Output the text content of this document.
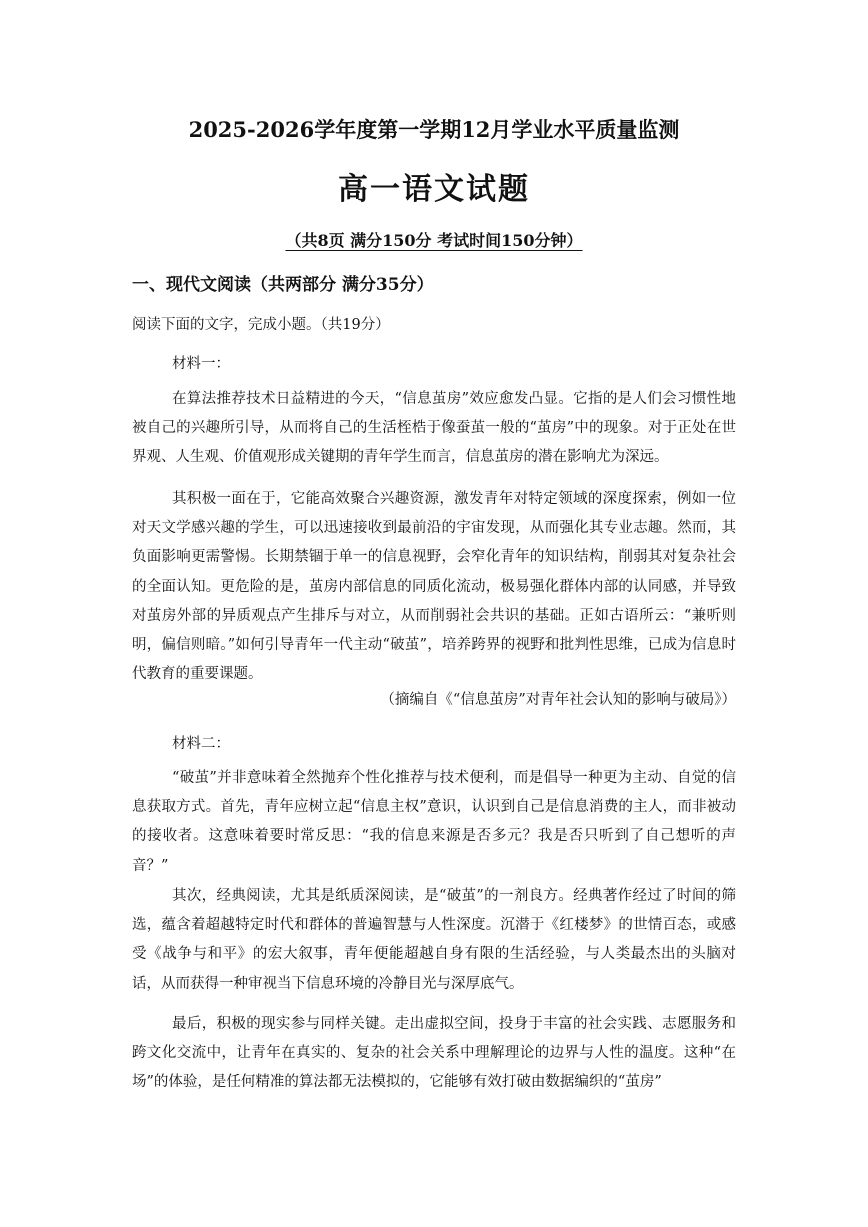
2025-2026学年度第一学期12月学业水平质量监测
高一语文试题
（共8页 满分150分 考试时间150分钟）
一、现代文阅读（共两部分 满分35分）
阅读下面的文字，完成小题。（共19分）
材料一：

在算法推荐技术日益精进的今天，“信息茧房”效应愈发凸显。它指的是人们会习惯性地被自己的兴趣所引导，从而将自己的生活桎梏于像蚕茧一般的“茧房”中的现象。对于正处在世界观、人生观、价值观形成关键期的青年学生而言，信息茧房的潜在影响尤为深远。

其积极一面在于，它能高效聚合兴趣资源，激发青年对特定领域的深度探索，例如一位对天文学感兴趣的学生，可以迅速接收到最前沿的宇宙发现，从而强化其专业志趣。然而，其负面影响更需警惕。长期禁锢于单一的信息视野，会窄化青年的知识结构，削弱其对复杂社会的全面认知。更危险的是，茧房内部信息的同质化流动，极易强化群体内部的认同感，并导致对茧房外部的异质观点产生排斥与对立，从而削弱社会共识的基础。正如古语所云：“兼听则明，偏信则暗。”如何引导青年一代主动“破茧”，培养跨界的视野和批判性思维，已成为信息时代教育的重要课题。

（摘编自《“信息茧房”对青年社会认知的影响与破局》）
材料二：

“破茧”并非意味着全然抛弃个性化推荐与技术便利，而是倡导一种更为主动、自觉的信息获取方式。首先，青年应树立起“信息主权”意识，认识到自己是信息消费的主人，而非被动的接收者。这意味着要时常反思：“我的信息来源是否多元？我是否只听到了自己想听的声音？”

其次，经典阅读，尤其是纸质深阅读，是“破茧”的一剂良方。经典著作经过了时间的筛选，蕴含着超越特定时代和群体的普遍智慧与人性深度。沉潜于《红楼梦》的世情百态，或感受《战争与和平》的宏大叙事，青年便能超越自身有限的生活经验，与人类最杰出的头脑对话，从而获得一种审视当下信息环境的冷静目光与深厚底气。

最后，积极的现实参与同样关键。走出虚拟空间，投身于丰富的社会实践、志愿服务和跨文化交流中，让青年在真实的、复杂的社会关系中理解理论的边界与人性的温度。这种“在场”的体验，是任何精准的算法都无法模拟的，它能够有效打破由数据编织的“茧房”
